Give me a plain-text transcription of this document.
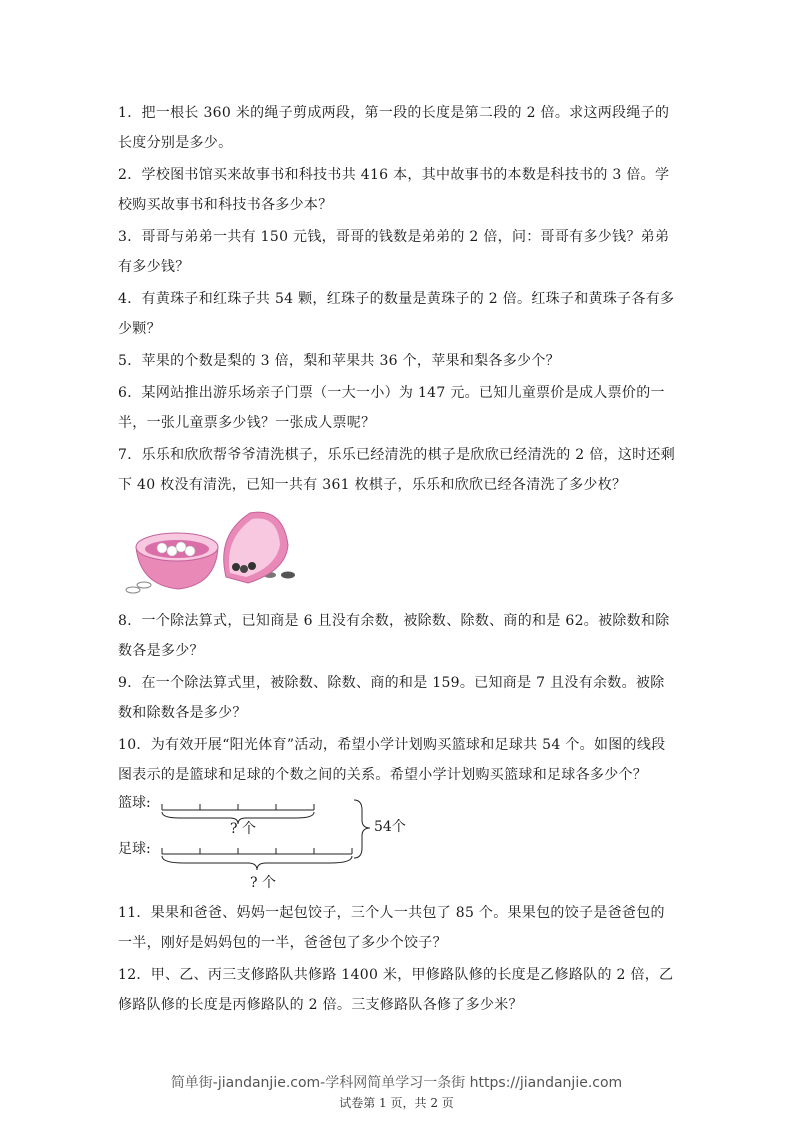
1．把一根长 360 米的绳子剪成两段，第一段的长度是第二段的 2 倍。求这两段绳子的长度分别是多少。
2．学校图书馆买来故事书和科技书共 416 本，其中故事书的本数是科技书的 3 倍。学校购买故事书和科技书各多少本？
3．哥哥与弟弟一共有 150 元钱，哥哥的钱数是弟弟的 2 倍，问：哥哥有多少钱？弟弟有多少钱？
4．有黄珠子和红珠子共 54 颗，红珠子的数量是黄珠子的 2 倍。红珠子和黄珠子各有多少颗？
5．苹果的个数是梨的 3 倍，梨和苹果共 36 个，苹果和梨各多少个？
6．某网站推出游乐场亲子门票（一大一小）为 147 元。已知儿童票价是成人票价的一半，一张儿童票多少钱？一张成人票呢？
7．乐乐和欣欣帮爷爷清洗棋子，乐乐已经清洗的棋子是欣欣已经清洗的 2 倍，这时还剩下 40 枚没有清洗，已知一共有 361 枚棋子，乐乐和欣欣已经各清洗了多少枚？
8．一个除法算式，已知商是 6 且没有余数，被除数、除数、商的和是 62。被除数和除数各是多少？
9．在一个除法算式里，被除数、除数、商的和是 159。已知商是 7 且没有余数。被除数和除数各是多少？
10．为有效开展“阳光体育”活动，希望小学计划购买篮球和足球共 54 个。如图的线段图表示的是篮球和足球的个数之间的关系。希望小学计划购买篮球和足球各多少个？
篮球:
足球:
? 个
? 个
54个
11．果果和爸爸、妈妈一起包饺子，三个人一共包了 85 个。果果包的饺子是爸爸包的一半，刚好是妈妈包的一半，爸爸包了多少个饺子？
12．甲、乙、丙三支修路队共修路 1400 米，甲修路队修的长度是乙修路队的 2 倍，乙修路队修的长度是丙修路队的 2 倍。三支修路队各修了多少米？
简单街-jiandanjie.com-学科网简单学习一条街 https://jiandanjie.com
试卷第 1 页，共 2 页
